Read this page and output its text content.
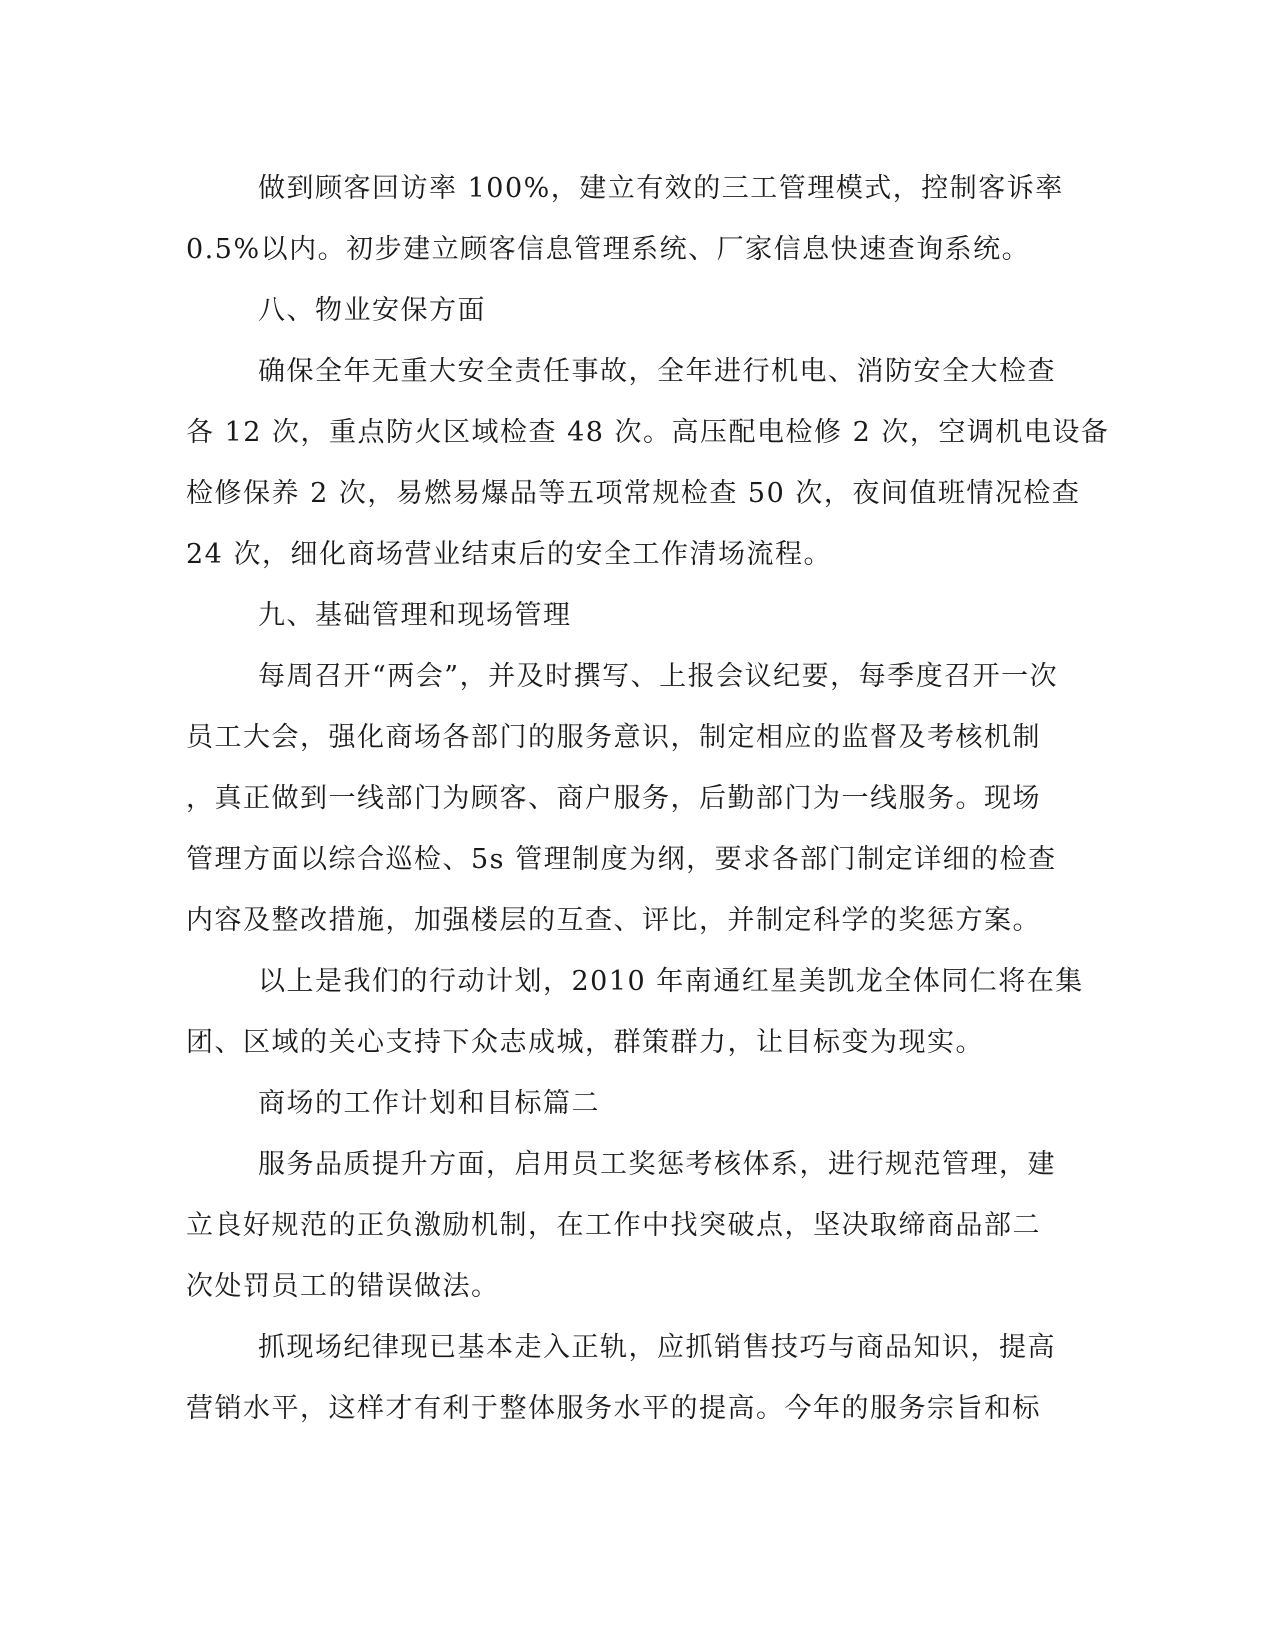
做到顾客回访率 100%，建立有效的三工管理模式，控制客诉率
0.5%以内。初步建立顾客信息管理系统、厂家信息快速查询系统。
八、物业安保方面
确保全年无重大安全责任事故，全年进行机电、消防安全大检查
各 12 次，重点防火区域检查 48 次。高压配电检修 2 次，空调机电设备
检修保养 2 次，易燃易爆品等五项常规检查 50 次，夜间值班情况检查
24 次，细化商场营业结束后的安全工作清场流程。
九、基础管理和现场管理
每周召开“两会”，并及时撰写、上报会议纪要，每季度召开一次
员工大会，强化商场各部门的服务意识，制定相应的监督及考核机制
，真正做到一线部门为顾客、商户服务，后勤部门为一线服务。现场
管理方面以综合巡检、5s 管理制度为纲，要求各部门制定详细的检查
内容及整改措施，加强楼层的互查、评比，并制定科学的奖惩方案。
以上是我们的行动计划，2010 年南通红星美凯龙全体同仁将在集
团、区域的关心支持下众志成城，群策群力，让目标变为现实。
商场的工作计划和目标篇二
服务品质提升方面，启用员工奖惩考核体系，进行规范管理，建
立良好规范的正负激励机制，在工作中找突破点，坚决取缔商品部二
次处罚员工的错误做法。
抓现场纪律现已基本走入正轨，应抓销售技巧与商品知识，提高
营销水平，这样才有利于整体服务水平的提高。今年的服务宗旨和标
